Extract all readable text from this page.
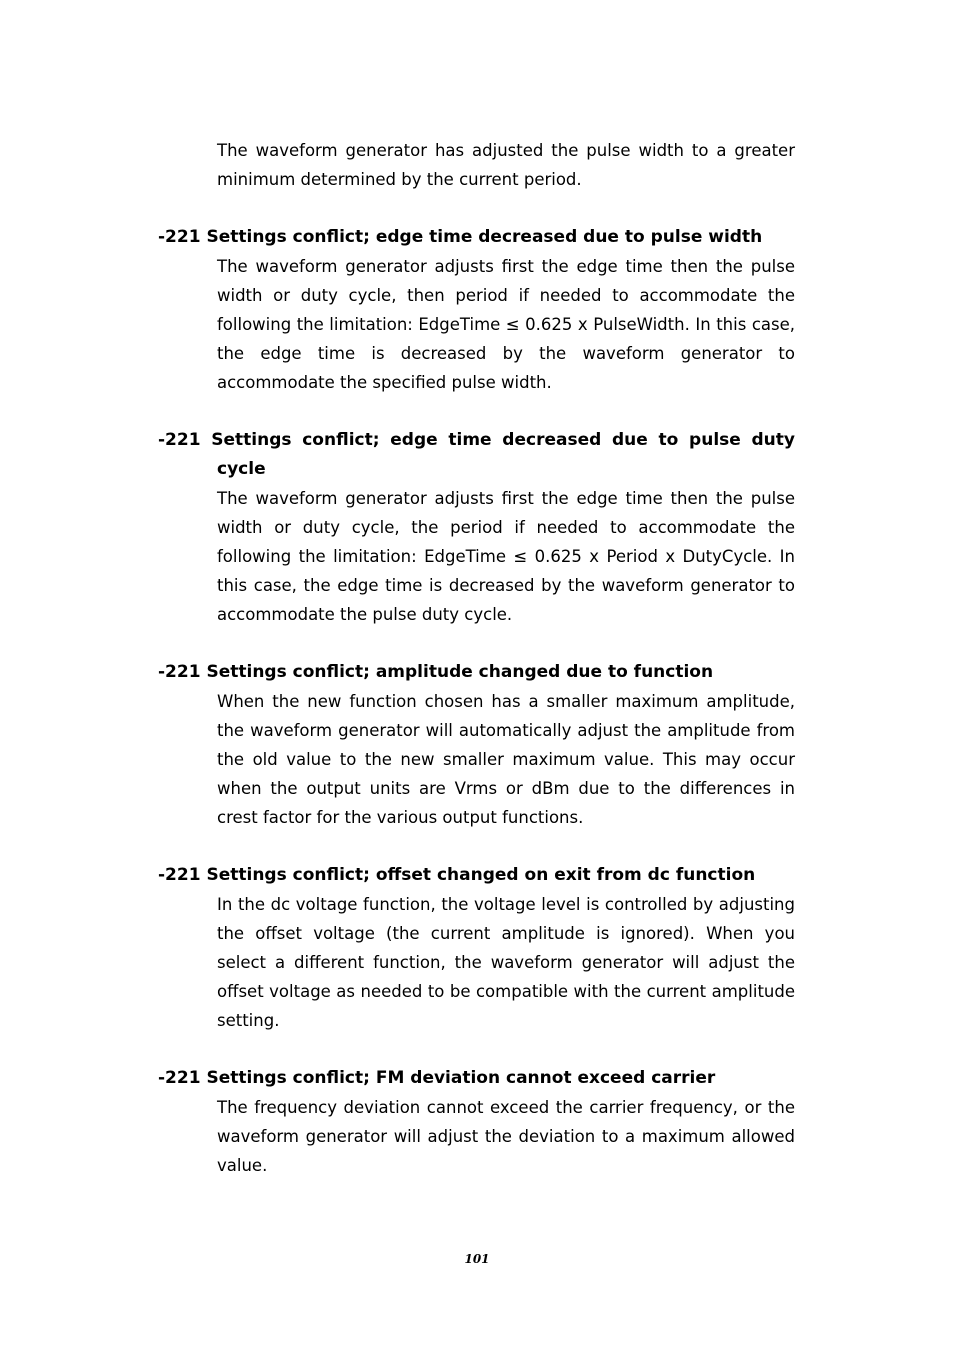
The waveform generator has adjusted the pulse width to a greater minimum determined by the current period.

-221 Settings conflict; edge time decreased due to pulse width
The waveform generator adjusts first the edge time then the pulse width or duty cycle, then period if needed to accommodate the following the limitation: EdgeTime ≤ 0.625 x PulseWidth. In this case, the edge time is decreased by the waveform generator to accommodate the specified pulse width.
-221 Settings conflict; edge time decreased due to pulse duty cycle
The waveform generator adjusts first the edge time then the pulse width or duty cycle, the period if needed to accommodate the following the limitation: EdgeTime ≤ 0.625 x Period x DutyCycle. In this case, the edge time is decreased by the waveform generator to accommodate the pulse duty cycle.
-221 Settings conflict; amplitude changed due to function
When the new function chosen has a smaller maximum amplitude, the waveform generator will automatically adjust the amplitude from the old value to the new smaller maximum value. This may occur when the output units are Vrms or dBm due to the differences in crest factor for the various output functions.
-221 Settings conflict; offset changed on exit from dc function
In the dc voltage function, the voltage level is controlled by adjusting the offset voltage (the current amplitude is ignored). When you select a different function, the waveform generator will adjust the offset voltage as needed to be compatible with the current amplitude setting.
-221 Settings conflict; FM deviation cannot exceed carrier
The frequency deviation cannot exceed the carrier frequency, or the waveform generator will adjust the deviation to a maximum allowed value.
101
